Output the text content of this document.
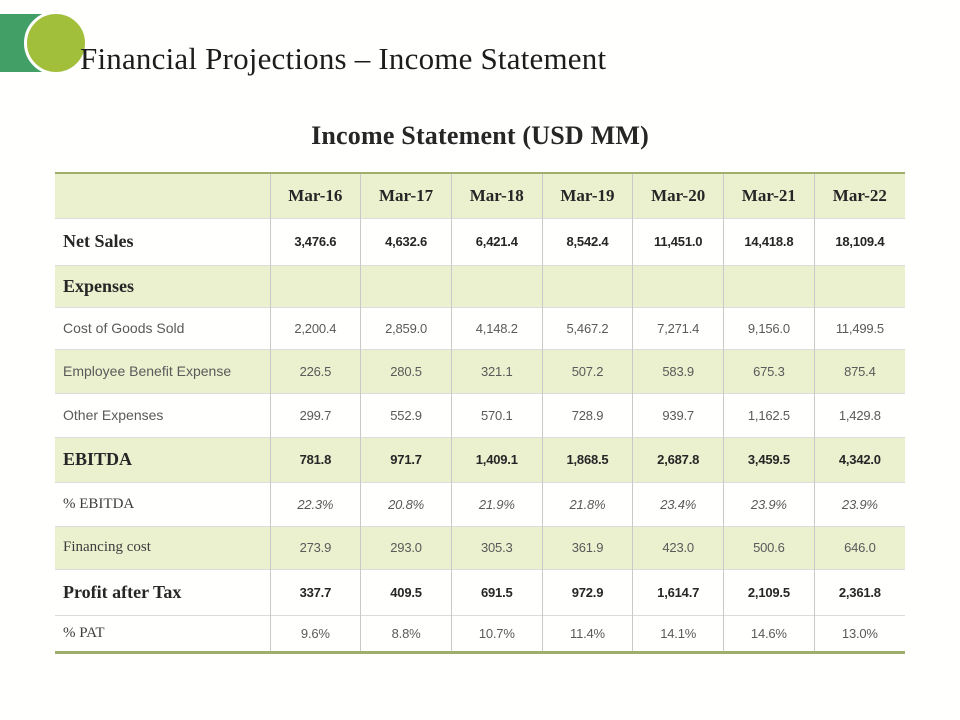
Financial Projections – Income Statement
Income Statement (USD MM)
	Mar-16	Mar-17	Mar-18	Mar-19	Mar-20	Mar-21	Mar-22
Net Sales	3,476.6	4,632.6	6,421.4	8,542.4	11,451.0	14,418.8	18,109.4
Expenses							
Cost of Goods Sold	2,200.4	2,859.0	4,148.2	5,467.2	7,271.4	9,156.0	11,499.5
Employee Benefit Expense	226.5	280.5	321.1	507.2	583.9	675.3	875.4
Other Expenses	299.7	552.9	570.1	728.9	939.7	1,162.5	1,429.8
EBITDA	781.8	971.7	1,409.1	1,868.5	2,687.8	3,459.5	4,342.0
% EBITDA	22.3%	20.8%	21.9%	21.8%	23.4%	23.9%	23.9%
Financing cost	273.9	293.0	305.3	361.9	423.0	500.6	646.0
Profit after Tax	337.7	409.5	691.5	972.9	1,614.7	2,109.5	2,361.8
% PAT	9.6%	8.8%	10.7%	11.4%	14.1%	14.6%	13.0%
